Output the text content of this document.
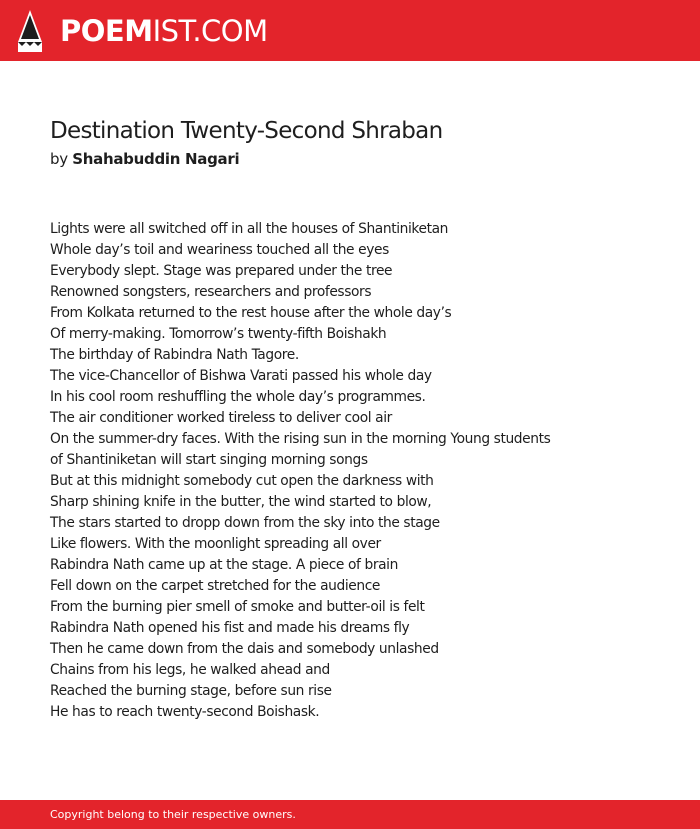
POEMIST.COM
Destination Twenty-Second Shraban
by Shahabuddin Nagari
Lights were all switched off in all the houses of Shantiniketan
Whole day’s toil and weariness touched all the eyes
Everybody slept. Stage was prepared under the tree
Renowned songsters, researchers and professors
From Kolkata returned to the rest house after the whole day’s
Of merry-making. Tomorrow’s twenty-fifth Boishakh
The birthday of Rabindra Nath Tagore.
The vice-Chancellor of Bishwa Varati passed his whole day
In his cool room reshuffling the whole day’s programmes.
The air conditioner worked tireless to deliver cool air
On the summer-dry faces. With the rising sun in the morning Young students
of Shantiniketan will start singing morning songs
But at this midnight somebody cut open the darkness with
Sharp shining knife in the butter, the wind started to blow,
The stars started to dropp down from the sky into the stage
Like flowers. With the moonlight spreading all over
Rabindra Nath came up at the stage. A piece of brain
Fell down on the carpet stretched for the audience
From the burning pier smell of smoke and butter-oil is felt
Rabindra Nath opened his fist and made his dreams fly
Then he came down from the dais and somebody unlashed
Chains from his legs, he walked ahead and
Reached the burning stage, before sun rise
He has to reach twenty-second Boishask.
Copyright belong to their respective owners.
